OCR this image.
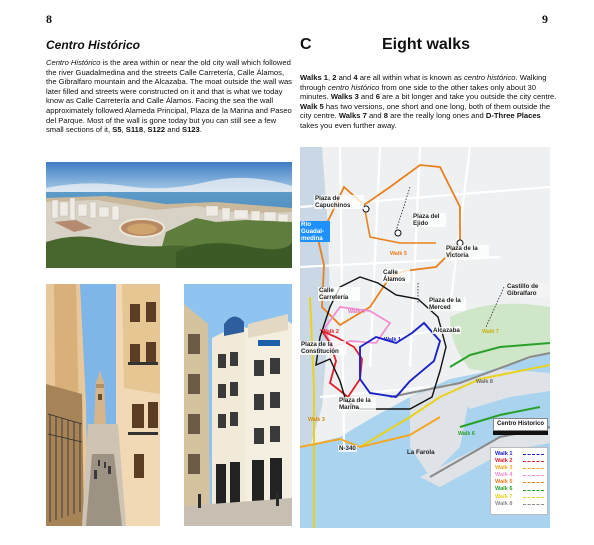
8	9
Centro Histórico

Centro Histórico is the area within or near the old city wall which followed the river Guadalmedina and the streets Calle Carretería, Calle Álamos, the Gibralfaro mountain and the Alcazaba. The moat outside the wall was later filled and streets were constructed on it and that is what we today know as Calle Carretería and Calle Álamos. Facing the sea the wall approximately followed Alameda Principal, Plaza de la Marina and Paseo del Parque. Most of the wall is gone today but you can still see a few small sections of it, S5, S118, S122 and S123.

C	Eight walks

Walks 1, 2 and 4 are all within what is known as centro histórico. Walking through centro histórico from one side to the other takes only about 30 minutes. Walks 3 and 6 are a bit longer and take you outside the city centre. Walk 5 has two versions, one short and one long, both of them outside the city centre. Walks 7 and 8 are the really long ones and D-Three Places takes you even further away.

Plaza de Capuchinos
Plaza del Ejido
Plaza de la Victoria
Río Guadal-medina
Calle Álamos
Calle Carretería	Plaza de la Merced
Castillo de Gibralfaro
Alcazaba
Plaza de la Constitución
Plaza de la Marina
N-340
La Farola
Walk 1
Walk 2
Walk 3
Walk 4
Walk 5
Walk 6
Walk 7
Walk 8
Centro Historico
Walk 1
Walk 2
Walk 3
Walk 4
Walk 5
Walk 6
Walk 7
Walk 8
